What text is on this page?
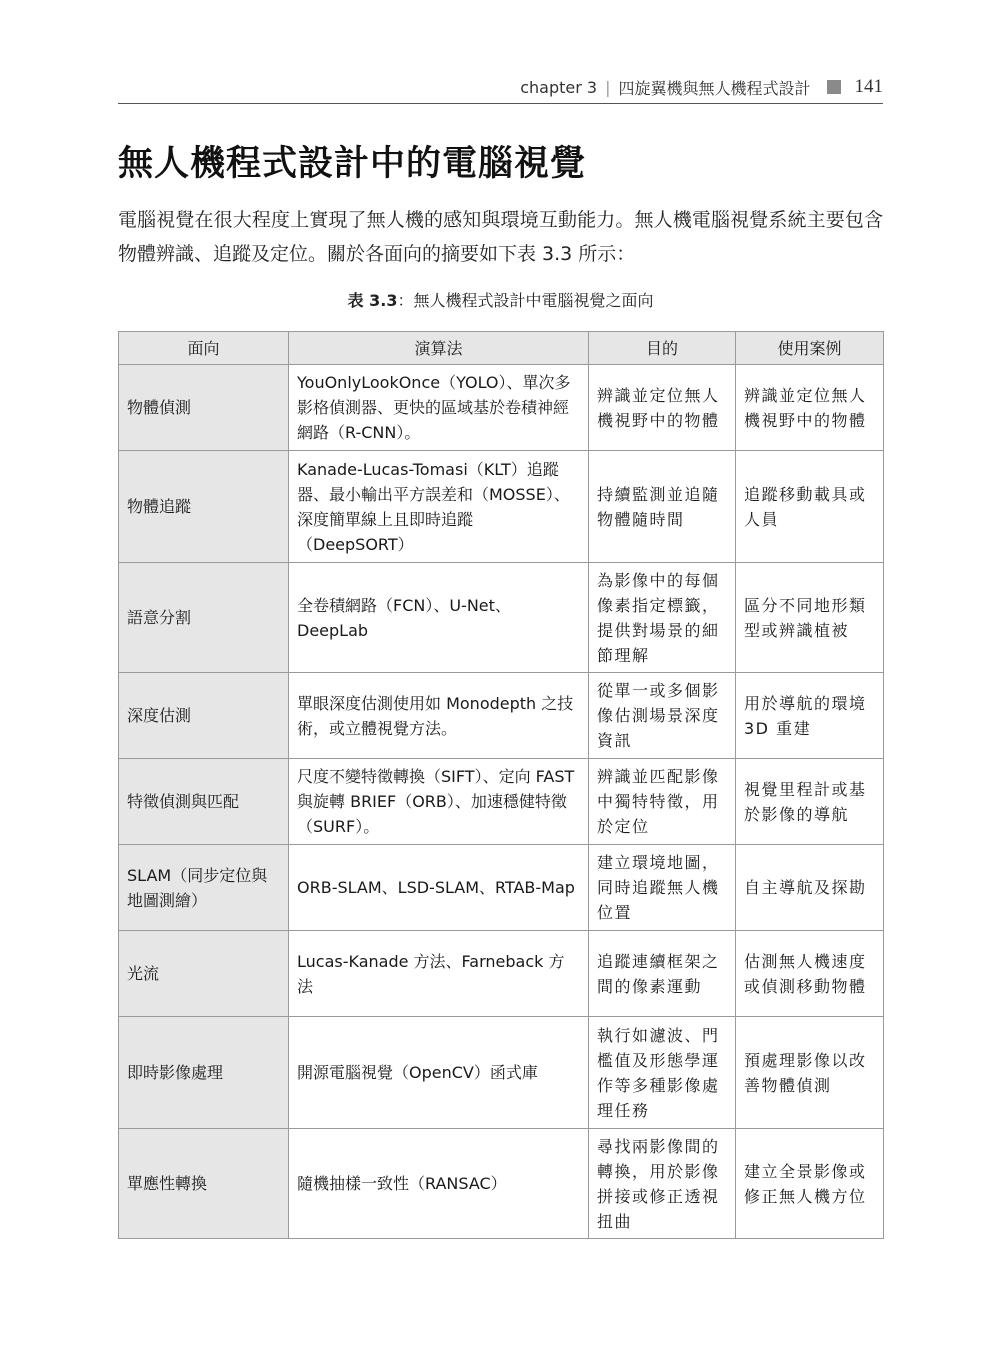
chapter 3 | 四旋翼機與無人機程式設計 141
無人機程式設計中的電腦視覺

電腦視覺在很大程度上實現了無人機的感知與環境互動能力。無人機電腦視覺系統主要包含物體辨識、追蹤及定位。關於各面向的摘要如下表 3.3 所示：

表 3.3：無人機程式設計中電腦視覺之面向
面向	演算法	目的	使用案例
物體偵測	YouOnlyLookOnce（YOLO）、單次多影格偵測器、更快的區域基於卷積神經網路（R-CNN）。	辨識並定位無人機視野中的物體	辨識並定位無人機視野中的物體
物體追蹤	Kanade-Lucas-Tomasi（KLT）追蹤器、最小輸出平方誤差和（MOSSE）、深度簡單線上且即時追蹤（DeepSORT）	持續監測並追隨物體隨時間	追蹤移動載具或人員
語意分割	全卷積網路（FCN）、U-Net、DeepLab	為影像中的每個像素指定標籤，提供對場景的細節理解	區分不同地形類型或辨識植被
深度估測	單眼深度估測使用如 Monodepth 之技術，或立體視覺方法。	從單一或多個影像估測場景深度資訊	用於導航的環境 3D 重建
特徵偵測與匹配	尺度不變特徵轉換（SIFT）、定向 FAST 與旋轉 BRIEF（ORB）、加速穩健特徵（SURF）。	辨識並匹配影像中獨特特徵，用於定位	視覺里程計或基於影像的導航
SLAM（同步定位與地圖測繪）	ORB-SLAM、LSD-SLAM、RTAB-Map	建立環境地圖，同時追蹤無人機位置	自主導航及探勘
光流	Lucas-Kanade 方法、Farneback 方法	追蹤連續框架之間的像素運動	估測無人機速度或偵測移動物體
即時影像處理	開源電腦視覺（OpenCV）函式庫	執行如濾波、門檻值及形態學運作等多種影像處理任務	預處理影像以改善物體偵測
單應性轉換	隨機抽樣一致性（RANSAC）	尋找兩影像間的轉換，用於影像拼接或修正透視扭曲	建立全景影像或修正無人機方位
